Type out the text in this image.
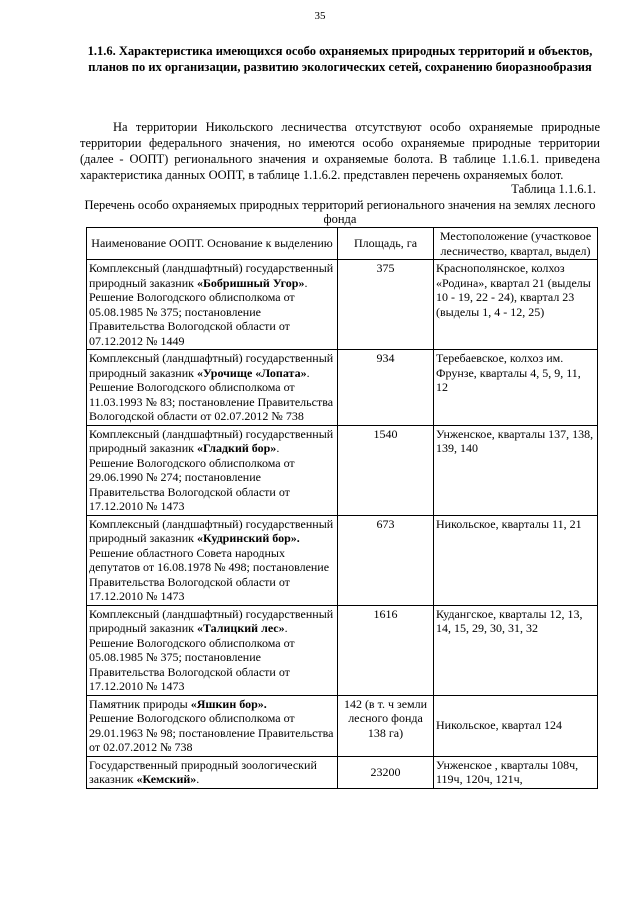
35
1.1.6. Характеристика имеющихся особо охраняемых природных территорий и объектов, планов по их организации, развитию экологических сетей, сохранению биоразнообразия

На территории Никольского лесничества отсутствуют особо охраняемые природные территории федерального значения, но имеются особо охраняемые природные территории (далее - ООПТ) регионального значения и охраняемые болота. В таблице 1.1.6.1. приведена характеристика данных ООПТ, в таблице 1.1.6.2. представлен перечень охраняемых болот.

Таблица 1.1.6.1.
Перечень особо охраняемых природных территорий регионального значения на землях лесного фонда
Наименование ООПТ. Основание к выделению	Площадь, га	Местоположение (участковое лесничество, квартал, выдел)
Комплексный (ландшафтный) государственный природный заказник «Бобришный Угор».
Решение Вологодского облисполкома от 05.08.1985 № 375; постановление Правительства Вологодской области от 07.12.2012 № 1449	375	Краснополянское, колхоз «Родина», квартал 21 (выделы 10 - 19, 22 - 24), квартал 23 (выделы 1, 4 - 12, 25)
Комплексный (ландшафтный) государственный природный заказник «Урочище «Лопата».
Решение Вологодского облисполкома от 11.03.1993 № 83; постановление Правительства Вологодской области от 02.07.2012 № 738	934	Теребаевское, колхоз им. Фрунзе, кварталы 4, 5, 9, 11, 12
Комплексный (ландшафтный) государственный природный заказник «Гладкий бор».
Решение Вологодского облисполкома от 29.06.1990 № 274; постановление Правительства Вологодской области от 17.12.2010 № 1473	1540	Унженское, кварталы 137, 138, 139, 140
Комплексный (ландшафтный) государственный природный заказник «Кудринский бор».
Решение областного Совета народных депутатов от 16.08.1978 № 498; постановление Правительства Вологодской области от 17.12.2010 № 1473	673	Никольское, кварталы 11, 21
Комплексный (ландшафтный) государственный природный заказник «Талицкий лес».
Решение Вологодского облисполкома от 05.08.1985 № 375; постановление Правительства Вологодской области от 17.12.2010 № 1473	1616	Кудангское, кварталы 12, 13, 14, 15, 29, 30, 31, 32
Памятник природы «Яшкин бор».
Решение Вологодского облисполкома от 29.01.1963 № 98; постановление Правительства от 02.07.2012 № 738	142 (в т. ч земли лесного фонда 138 га)	Никольское, квартал 124
Государственный природный зоологический заказник «Кемский».	23200	Унженское , кварталы 108ч, 119ч, 120ч, 121ч,
